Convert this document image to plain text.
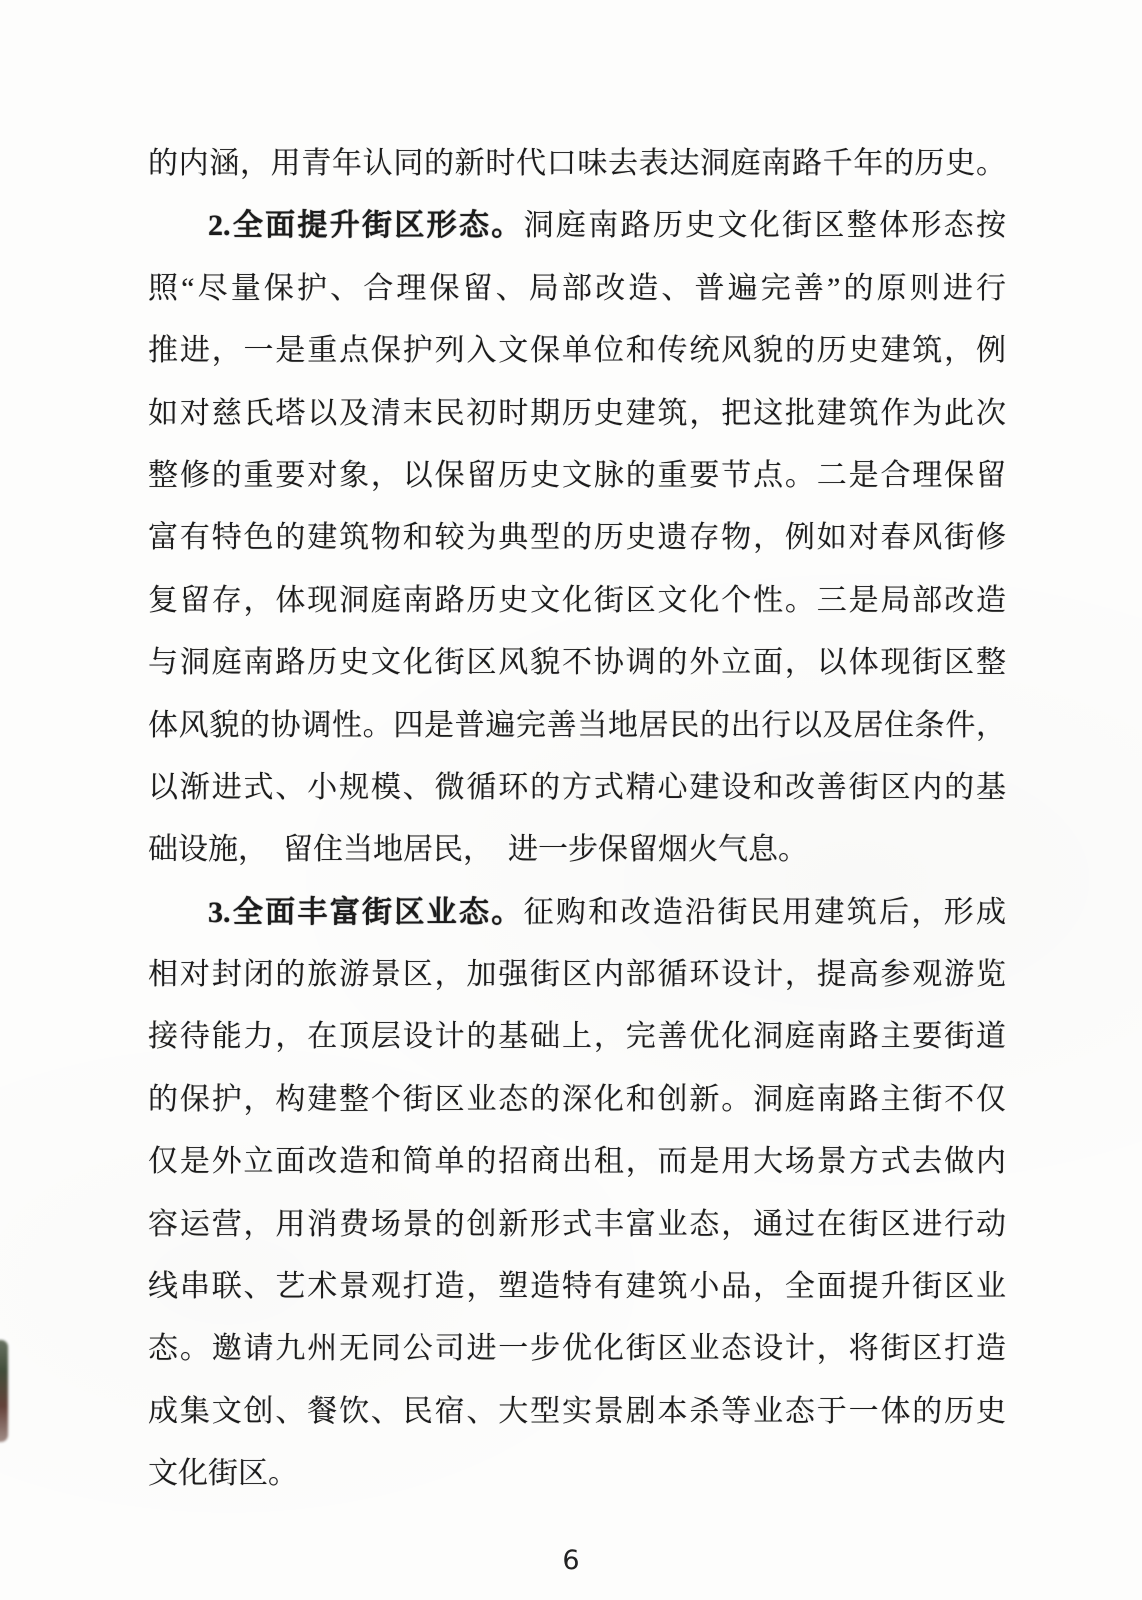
的内涵，用青年认同的新时代口味去表达洞庭南路千年的历史。
2.全面提升街区形态。洞庭南路历史文化街区整体形态按
照“尽量保护、合理保留、局部改造、普遍完善”的原则进行
推进，一是重点保护列入文保单位和传统风貌的历史建筑，例
如对慈氏塔以及清末民初时期历史建筑，把这批建筑作为此次
整修的重要对象，以保留历史文脉的重要节点。二是合理保留
富有特色的建筑物和较为典型的历史遗存物，例如对春风街修
复留存，体现洞庭南路历史文化街区文化个性。三是局部改造
与洞庭南路历史文化街区风貌不协调的外立面，以体现街区整
体风貌的协调性。四是普遍完善当地居民的出行以及居住条件，
以渐进式、小规模、微循环的方式精心建设和改善街区内的基
础设施，　留住当地居民，　进一步保留烟火气息。
3.全面丰富街区业态。征购和改造沿街民用建筑后，形成
相对封闭的旅游景区，加强街区内部循环设计，提高参观游览
接待能力，在顶层设计的基础上，完善优化洞庭南路主要街道
的保护，构建整个街区业态的深化和创新。洞庭南路主街不仅
仅是外立面改造和简单的招商出租，而是用大场景方式去做内
容运营，用消费场景的创新形式丰富业态，通过在街区进行动
线串联、艺术景观打造，塑造特有建筑小品，全面提升街区业
态。邀请九州无同公司进一步优化街区业态设计，将街区打造
成集文创、餐饮、民宿、大型实景剧本杀等业态于一体的历史
文化街区。
6
